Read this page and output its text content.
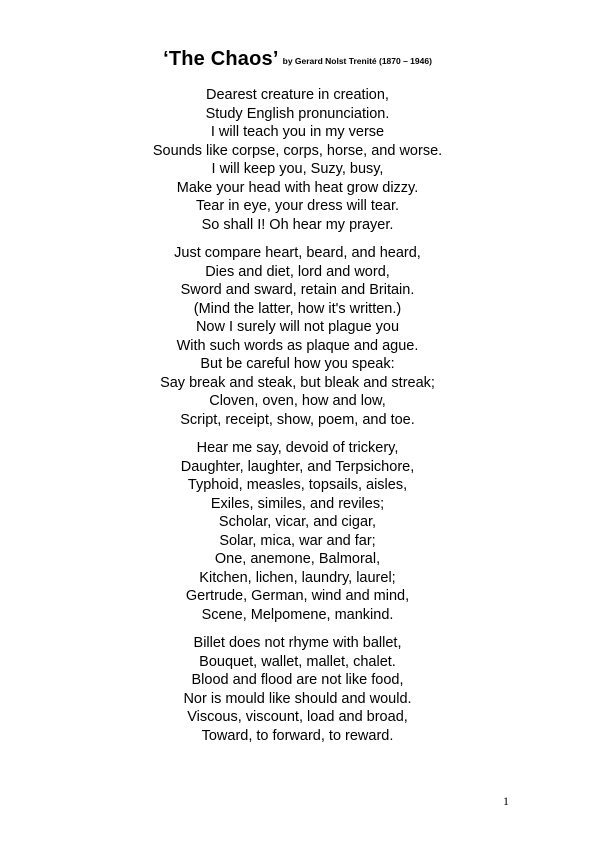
‘The Chaos’ by Gerard Nolst Trenité (1870 – 1946)
Dearest creature in creation,
Study English pronunciation.
I will teach you in my verse
Sounds like corpse, corps, horse, and worse.
I will keep you, Suzy, busy,
Make your head with heat grow dizzy.
Tear in eye, your dress will tear.
So shall I! Oh hear my prayer.
Just compare heart, beard, and heard,
Dies and diet, lord and word,
Sword and sward, retain and Britain.
(Mind the latter, how it's written.)
Now I surely will not plague you
With such words as plaque and ague.
But be careful how you speak:
Say break and steak, but bleak and streak;
Cloven, oven, how and low,
Script, receipt, show, poem, and toe.
Hear me say, devoid of trickery,
Daughter, laughter, and Terpsichore,
Typhoid, measles, topsails, aisles,
Exiles, similes, and reviles;
Scholar, vicar, and cigar,
Solar, mica, war and far;
One, anemone, Balmoral,
Kitchen, lichen, laundry, laurel;
Gertrude, German, wind and mind,
Scene, Melpomene, mankind.
Billet does not rhyme with ballet,
Bouquet, wallet, mallet, chalet.
Blood and flood are not like food,
Nor is mould like should and would.
Viscous, viscount, load and broad,
Toward, to forward, to reward.
1
